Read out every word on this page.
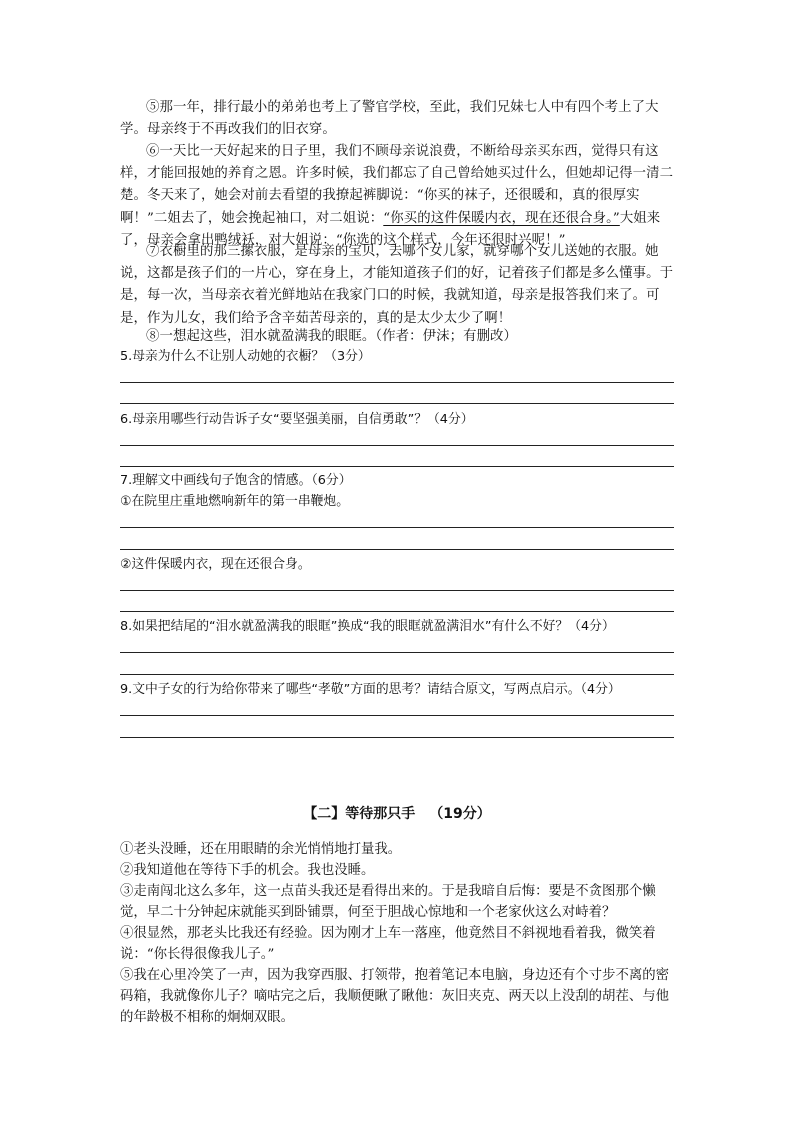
⑤那一年，排行最小的弟弟也考上了警官学校，至此，我们兄妹七人中有四个考上了大学。母亲终于不再改我们的旧衣穿。

⑥一天比一天好起来的日子里，我们不顾母亲说浪费，不断给母亲买东西，觉得只有这样，才能回报她的养育之恩。许多时候，我们都忘了自己曾给她买过什么，但她却记得一清二楚。冬天来了，她会对前去看望的我撩起裤脚说：“你买的袜子，还很暖和，真的很厚实啊！”二姐去了，她会挽起袖口，对二姐说：“你买的这件保暖内衣，现在还很合身。”大姐来了，母亲会拿出鸭绒袄，对大姐说：“你选的这个样式，今年还很时兴呢！”

⑦衣橱里的那三摞衣服，是母亲的宝贝，去哪个女儿家，就穿哪个女儿送她的衣服。她说，这都是孩子们的一片心，穿在身上，才能知道孩子们的好，记着孩子们都是多么懂事。于是，每一次，当母亲衣着光鲜地站在我家门口的时候，我就知道，母亲是报答我们来了。可是，作为儿女，我们给予含辛茹苦母亲的，真的是太少太少了啊！

⑧一想起这些，泪水就盈满我的眼眶。（作者：伊沫；有删改）

5.母亲为什么不让别人动她的衣橱？（3分）

6.母亲用哪些行动告诉子女“要坚强美丽，自信勇敢”？（4分）

7.理解文中画线句子饱含的情感。（6分）

①在院里庄重地燃响新年的第一串鞭炮。

②这件保暖内衣，现在还很合身。

8.如果把结尾的“泪水就盈满我的眼眶”换成“我的眼眶就盈满泪水”有什么不好？（4分）

9.文中子女的行为给你带来了哪些“孝敬”方面的思考？请结合原文，写两点启示。（4分）

【二】等待那只手 （19分）

①老头没睡，还在用眼睛的余光悄悄地打量我。

②我知道他在等待下手的机会。我也没睡。

③走南闯北这么多年，这一点苗头我还是看得出来的。于是我暗自后悔：要是不贪图那个懒觉，早二十分钟起床就能买到卧铺票，何至于胆战心惊地和一个老家伙这么对峙着？

④很显然，那老头比我还有经验。因为刚才上车一落座，他竟然目不斜视地看着我，微笑着说：“你长得很像我儿子。”

⑤我在心里冷笑了一声，因为我穿西服、打领带，抱着笔记本电脑，身边还有个寸步不离的密码箱，我就像你儿子？嘀咕完之后，我顺便瞅了瞅他：灰旧夹克、两天以上没刮的胡茬、与他的年龄极不相称的炯炯双眼。
